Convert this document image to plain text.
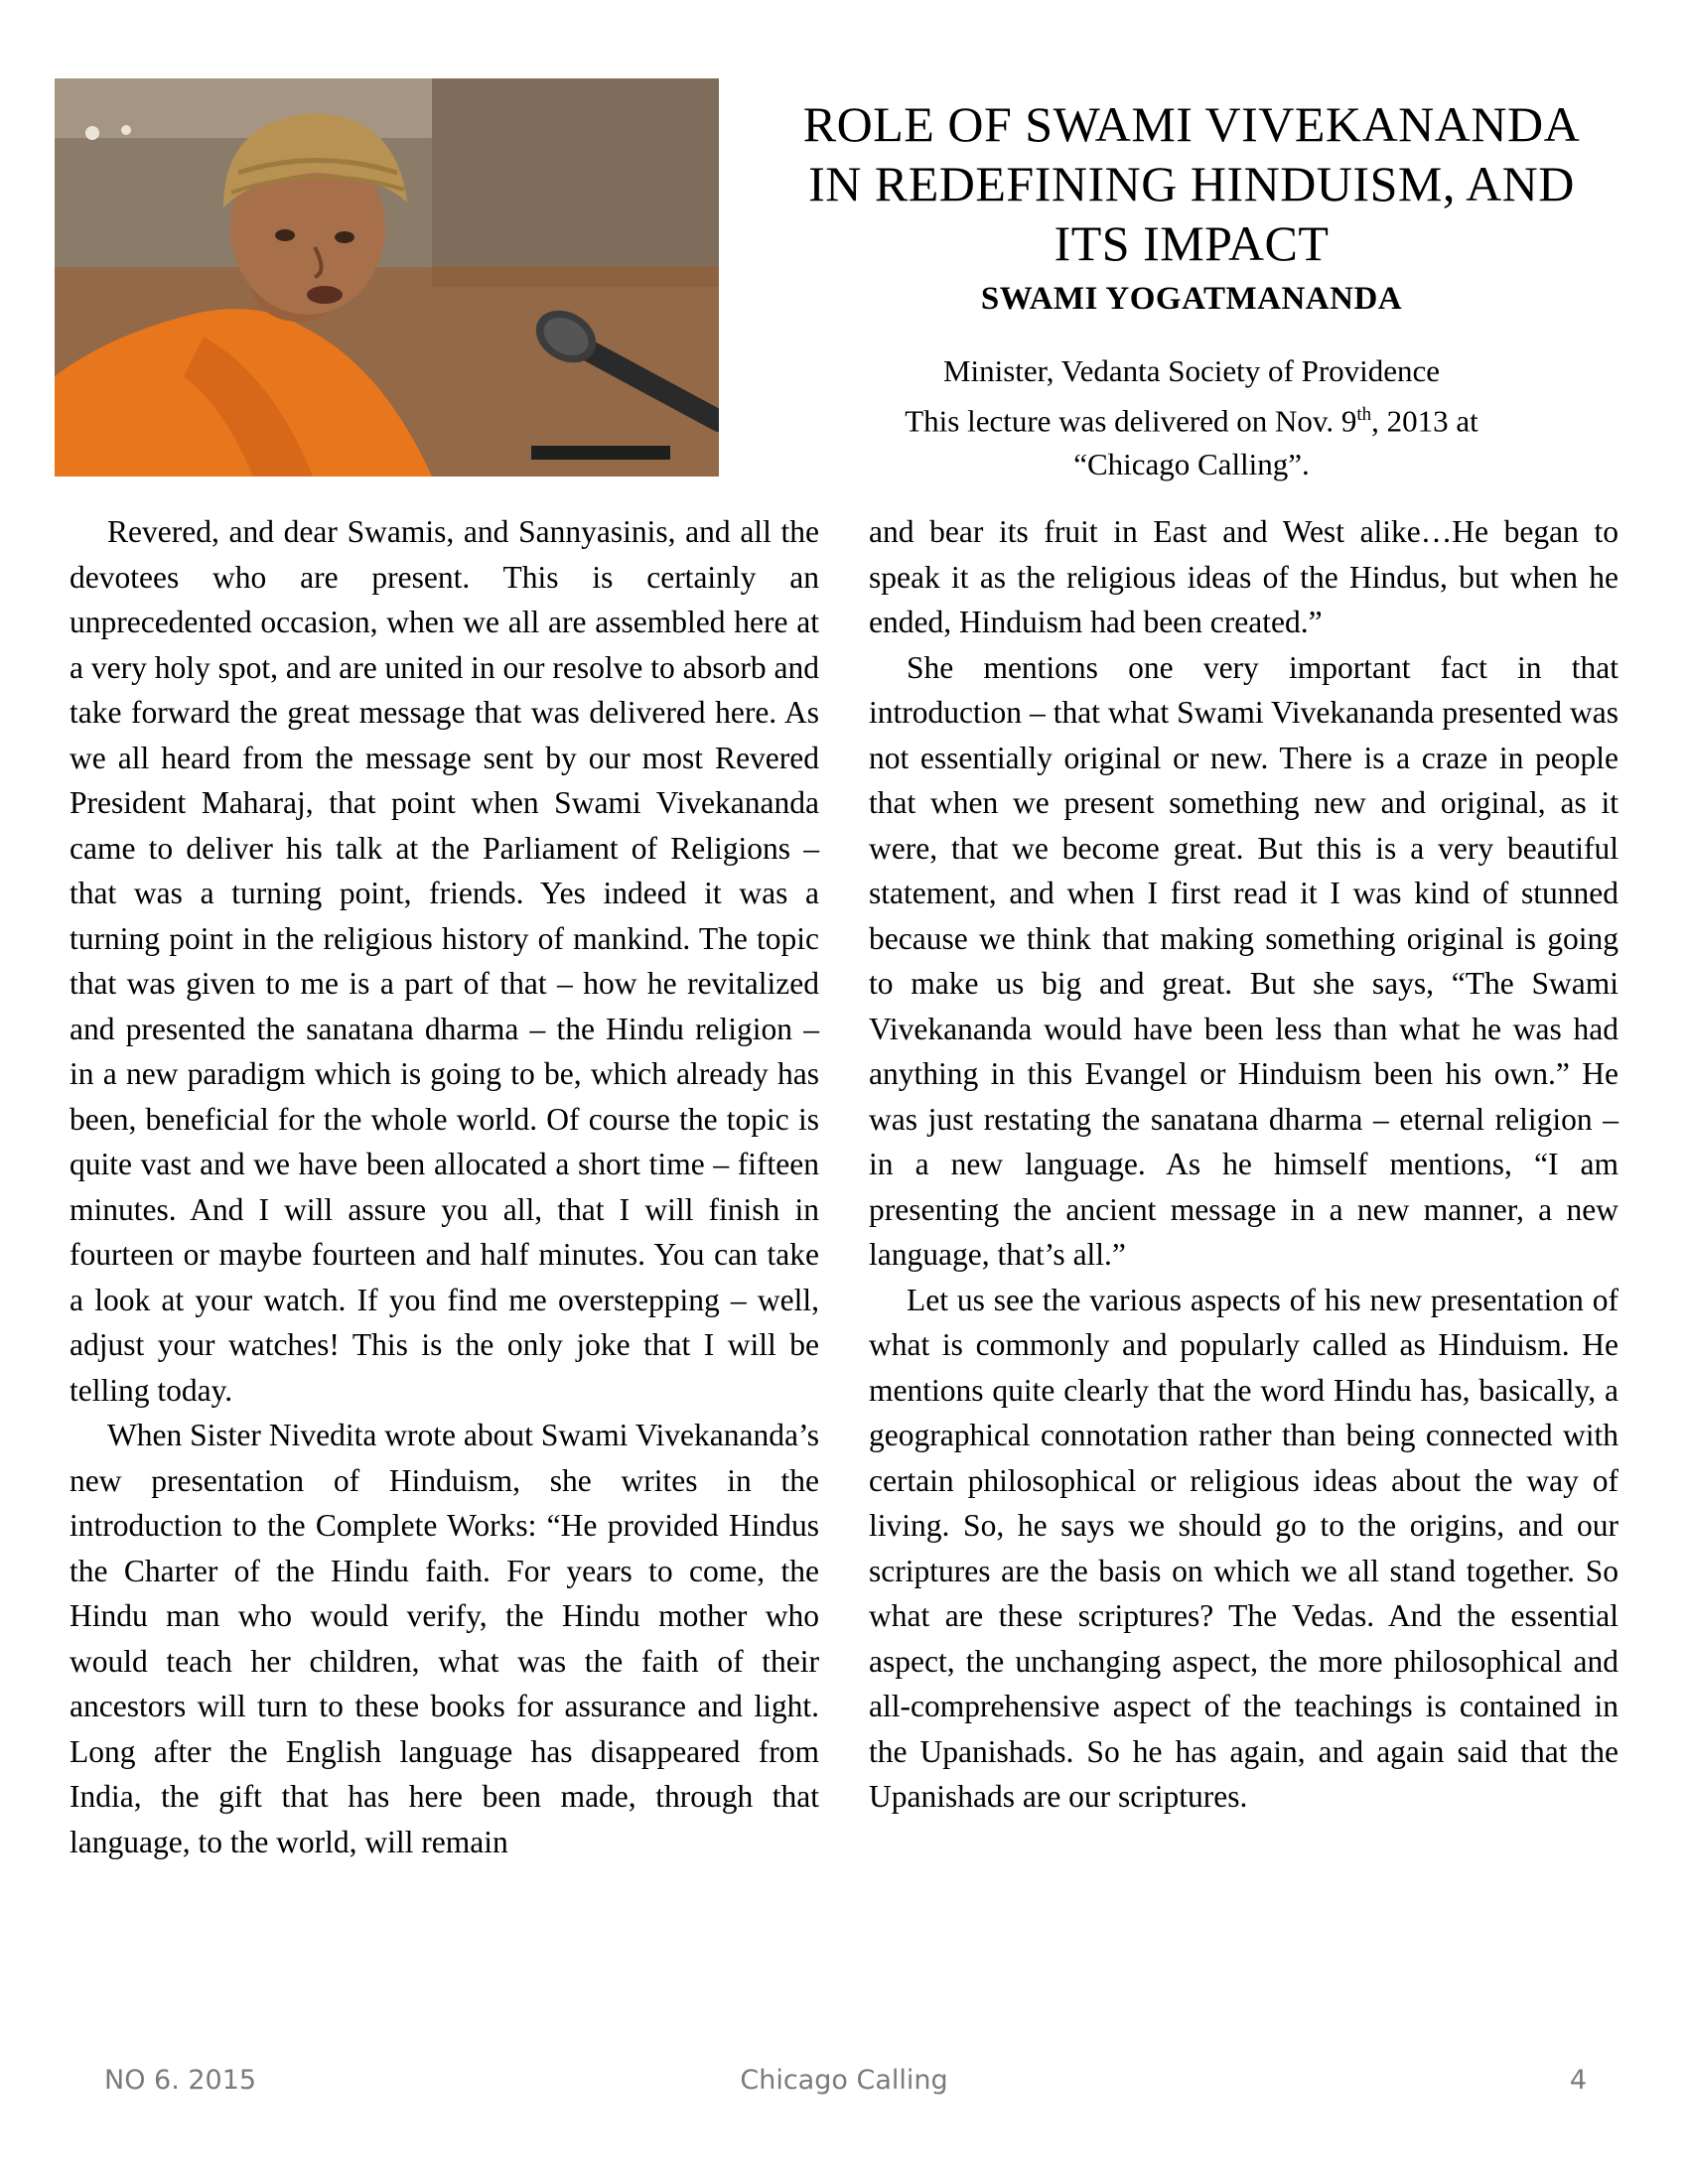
ROLE OF SWAMI VIVEKANANDA
IN REDEFINING HINDUISM, AND
ITS IMPACT
SWAMI YOGATMANANDA

Minister, Vedanta Society of Providence

This lecture was delivered on Nov. 9th, 2013 at

“Chicago Calling”.

Revered, and dear Swamis, and Sannyasinis, and all the devotees who are present. This is certainly an unprecedented occasion, when we all are assembled here at a very holy spot, and are united in our resolve to absorb and take forward the great message that was delivered here. As we all heard from the message sent by our most Revered President Maharaj, that point when Swami Vivekananda came to deliver his talk at the Parliament of Religions – that was a turning point, friends. Yes indeed it was a turning point in the religious history of mankind. The topic that was given to me is a part of that – how he revitalized and presented the sanatana dharma – the Hindu religion – in a new paradigm which is going to be, which already has been, beneficial for the whole world. Of course the topic is quite vast and we have been allocated a short time – fifteen minutes. And I will assure you all, that I will finish in fourteen or maybe fourteen and half minutes. You can take a look at your watch. If you find me overstepping – well, adjust your watches! This is the only joke that I will be telling today.

When Sister Nivedita wrote about Swami Vivekananda’s new presentation of Hinduism, she writes in the introduction to the Complete Works: “He provided Hindus the Charter of the Hindu faith. For years to come, the Hindu man who would verify, the Hindu mother who would teach her children, what was the faith of their ancestors will turn to these books for assurance and light. Long after the English language has disappeared from India, the gift that has here been made, through that language, to the world, will remain

and bear its fruit in East and West alike…He began to speak it as the religious ideas of the Hindus, but when he ended, Hinduism had been created.”

She mentions one very important fact in that introduction – that what Swami Vivekananda presented was not essentially original or new. There is a craze in people that when we present something new and original, as it were, that we become great. But this is a very beautiful statement, and when I first read it I was kind of stunned because we think that making something original is going to make us big and great. But she says, “The Swami Vivekananda would have been less than what he was had anything in this Evangel or Hinduism been his own.” He was just restating the sanatana dharma – eternal religion – in a new language. As he himself mentions, “I am presenting the ancient message in a new manner, a new language, that’s all.”

Let us see the various aspects of his new presentation of what is commonly and popularly called as Hinduism. He mentions quite clearly that the word Hindu has, basically, a geographical connotation rather than being connected with certain philosophical or religious ideas about the way of living. So, he says we should go to the origins, and our scriptures are the basis on which we all stand together. So what are these scriptures? The Vedas. And the essential aspect, the unchanging aspect, the more philosophical and all-comprehensive aspect of the teachings is contained in the Upanishads. So he has again, and again said that the Upanishads are our scriptures.

NO 6. 2015	Chicago Calling	4
